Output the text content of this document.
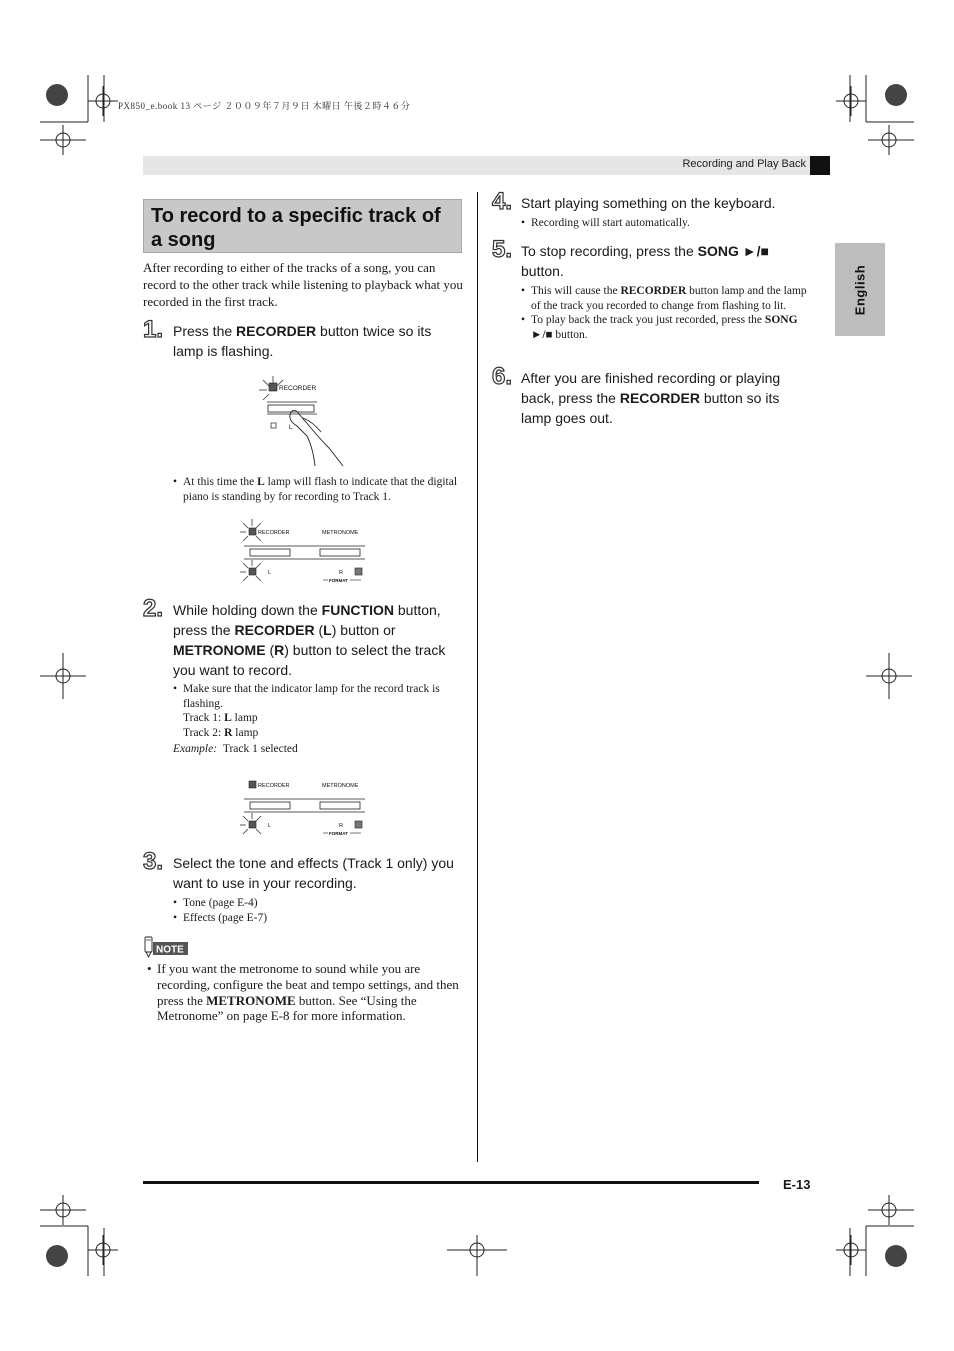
PX850_e.book 13 ページ ２００９年７月９日 木曜日 午後２時４６分
Recording and Play Back
English
To record to a specific track of a song
After recording to either of the tracks of a song, you can record to the other track while listening to playback what you recorded in the first track.
1. Press the RECORDER button twice so its lamp is flashing.
RECORDER
L
• At this time the L lamp will flash to indicate that the digital piano is standing by for recording to Track 1.
RECORDER	METRONOME
L	R
FORMAT
2. While holding down the FUNCTION button, press the RECORDER (L) button or METRONOME (R) button to select the track you want to record.
• Make sure that the indicator lamp for the record track is flashing.
Track 1: L lamp
Track 2: R lamp
Example: Track 1 selected
RECORDER	METRONOME
L	R
FORMAT
3. Select the tone and effects (Track 1 only) you want to use in your recording.
• Tone (page E-4)
• Effects (page E-7)
NOTE
• If you want the metronome to sound while you are recording, configure the beat and tempo settings, and then press the METRONOME button. See “Using the Metronome” on page E-8 for more information.
4. Start playing something on the keyboard.
• Recording will start automatically.
5. To stop recording, press the SONG ►/■ button.
• This will cause the RECORDER button lamp and the lamp of the track you recorded to change from flashing to lit.
• To play back the track you just recorded, press the SONG ►/■ button.
6. After you are finished recording or playing back, press the RECORDER button so its lamp goes out.
E-13
